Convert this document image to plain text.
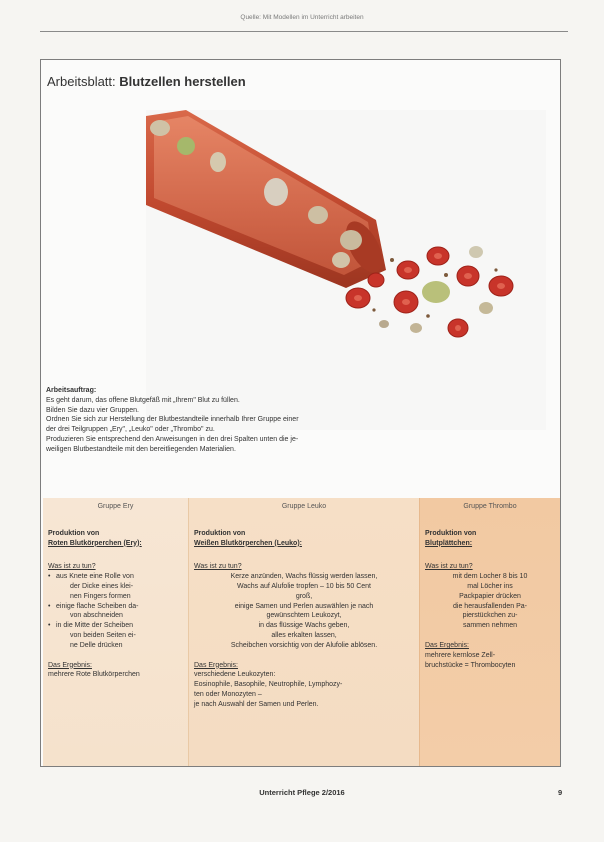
Quelle: Mit Modellen im Unterricht arbeiten
Arbeitsblatt: Blutzellen herstellen

Arbeitsauftrag:

Es geht darum, das offene Blutgefäß mit „Ihrem" Blut zu füllen.

Bilden Sie dazu vier Gruppen.

Ordnen Sie sich zur Herstellung der Blutbestandteile innerhalb Ihrer Gruppe einer

der drei Teilgruppen „Ery", „Leuko" oder „Thrombo" zu.

Produzieren Sie entsprechend den Anweisungen in den drei Spalten unten die je-

weiligen Blutbestandteile mit den bereitliegenden Materialien.

Gruppe Ery
Produktion von
Roten Blutkörperchen (Ery):
Was ist zu tun?
• aus Knete eine Rolle von
der Dicke eines klei-
nen Fingers formen
• einige flache Scheiben da-
von abschneiden
• in die Mitte der Scheiben
von beiden Seiten ei-
ne Delle drücken
Das Ergebnis:
mehrere Rote Blutkörperchen
Gruppe Leuko
Produktion von
Weißen Blutkörperchen (Leuko):
Was ist zu tun?
Kerze anzünden, Wachs flüssig werden lassen,
Wachs auf Alufolie tropfen – 10 bis 50 Cent
groß,
einige Samen und Perlen auswählen je nach
gewünschtem Leukozyt,
in das flüssige Wachs geben,
alles erkalten lassen,
Scheibchen vorsichtig von der Alufolie ablösen.
Das Ergebnis:
verschiedene Leukozyten:
Eosinophile, Basophile, Neutrophile, Lymphozy-
ten oder Monozyten –
je nach Auswahl der Samen und Perlen.
Gruppe Thrombo
Produktion von
Blutplättchen:
Was ist zu tun?
mit dem Locher 8 bis 10
mal Löcher ins
Packpapier drücken
die herausfallenden Pa-
pierstückchen zu-
sammen nehmen
Das Ergebnis:
mehrere kernlose Zell-
bruchstücke = Thrombocyten
Unterricht Pflege 2/2016	9
